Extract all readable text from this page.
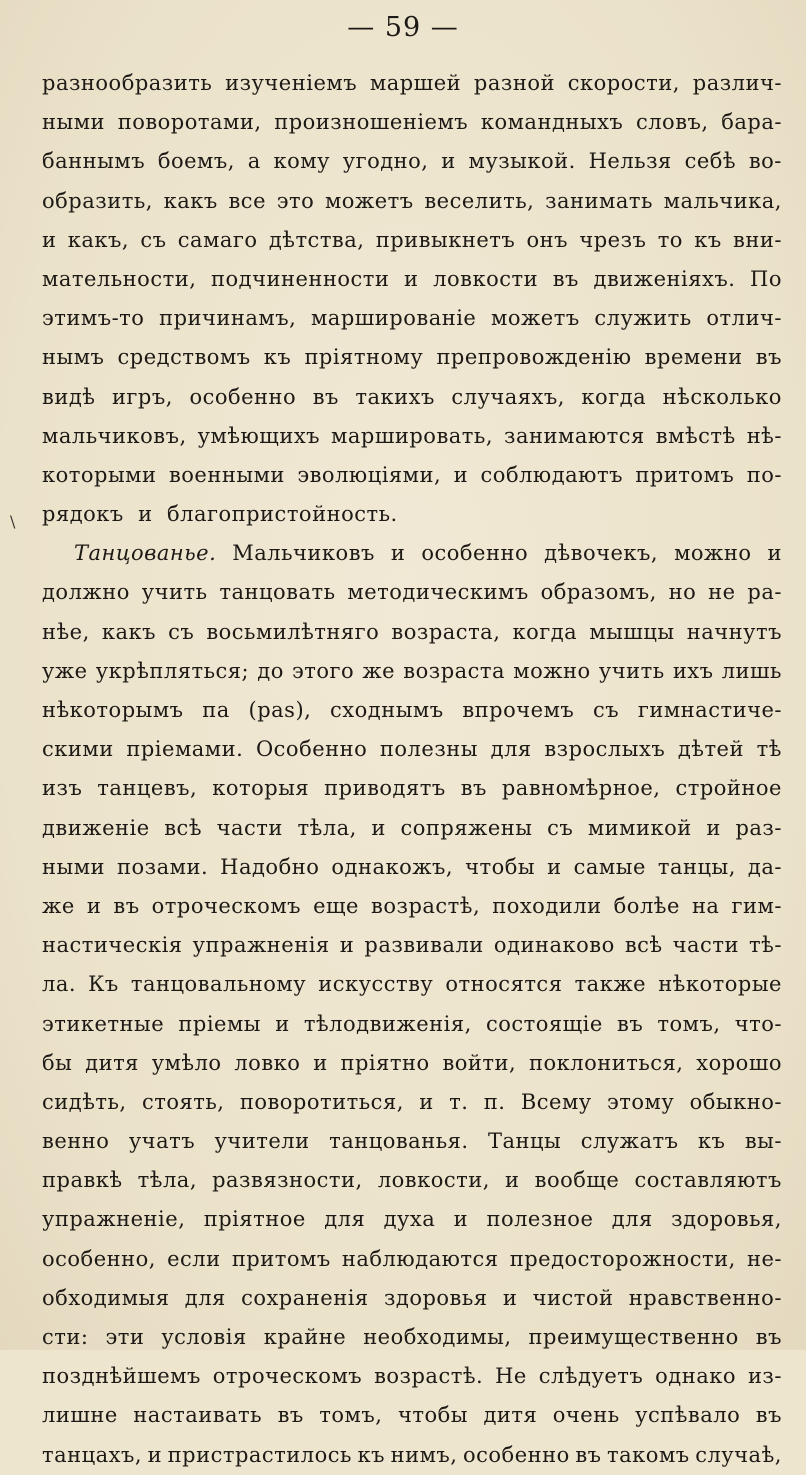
— 59 —
\
разнообразить изученіемъ маршей разной скорости, различ-
ными поворотами, произношеніемъ командныхъ словъ, бара-
баннымъ боемъ, а кому угодно, и музыкой. Нельзя себѣ во-
образить, какъ все это можетъ веселить, занимать мальчика,
и какъ, съ самаго дѣтства, привыкнетъ онъ чрезъ то къ вни-
мательности, подчиненности и ловкости въ движеніяхъ. По
этимъ-то причинамъ, маршированіе можетъ служить отлич-
нымъ средствомъ къ пріятному препровожденію времени въ
видѣ игръ, особенно въ такихъ случаяхъ, когда нѣсколько
мальчиковъ, умѣющихъ маршировать, занимаются вмѣстѣ нѣ-
которыми военными эволюціями, и соблюдаютъ притомъ по-
рядокъ
и
благопристойность.
Танцованье. Мальчиковъ и особенно дѣвочекъ, можно и
должно учить танцовать методическимъ образомъ, но не ра-
нѣе, какъ съ восьмилѣтняго возраста, когда мышцы начнутъ
уже укрѣпляться; до этого же возраста можно учить ихъ лишь
нѣкоторымъ па (pas), сходнымъ впрочемъ съ гимнастиче-
скими пріемами. Особенно полезны для взрослыхъ дѣтей тѣ
изъ танцевъ, которыя приводятъ въ равномѣрное, стройное
движеніе всѣ части тѣла, и сопряжены съ мимикой и раз-
ными позами. Надобно однакожъ, чтобы и самые танцы, да-
же и въ отроческомъ еще возрастѣ, походили болѣе на гим-
настическія упражненія и развивали одинаково всѣ части тѣ-
ла. Къ танцовальному искусству относятся также нѣкоторые
этикетные пріемы и тѣлодвиженія, состоящіе въ томъ, что-
бы дитя умѣло ловко и пріятно войти, поклониться, хорошо
сидѣть, стоять, поворотиться, и т. п. Всему этому обыкно-
венно учатъ учители танцованья. Танцы служатъ къ вы-
правкѣ тѣла, развязности, ловкости, и вообще составляютъ
упражненіе, пріятное для духа и полезное для здоровья,
особенно, если притомъ наблюдаются предосторожности, не-
обходимыя для сохраненія здоровья и чистой нравственно-
сти: эти условія крайне необходимы, преимущественно въ
позднѣйшемъ отроческомъ возрастѣ. Не слѣдуетъ однако из-
лишне настаивать въ томъ, чтобы дитя очень успѣвало въ
танцахъ, и пристрастилось къ нимъ, особенно въ такомъ случаѣ,
